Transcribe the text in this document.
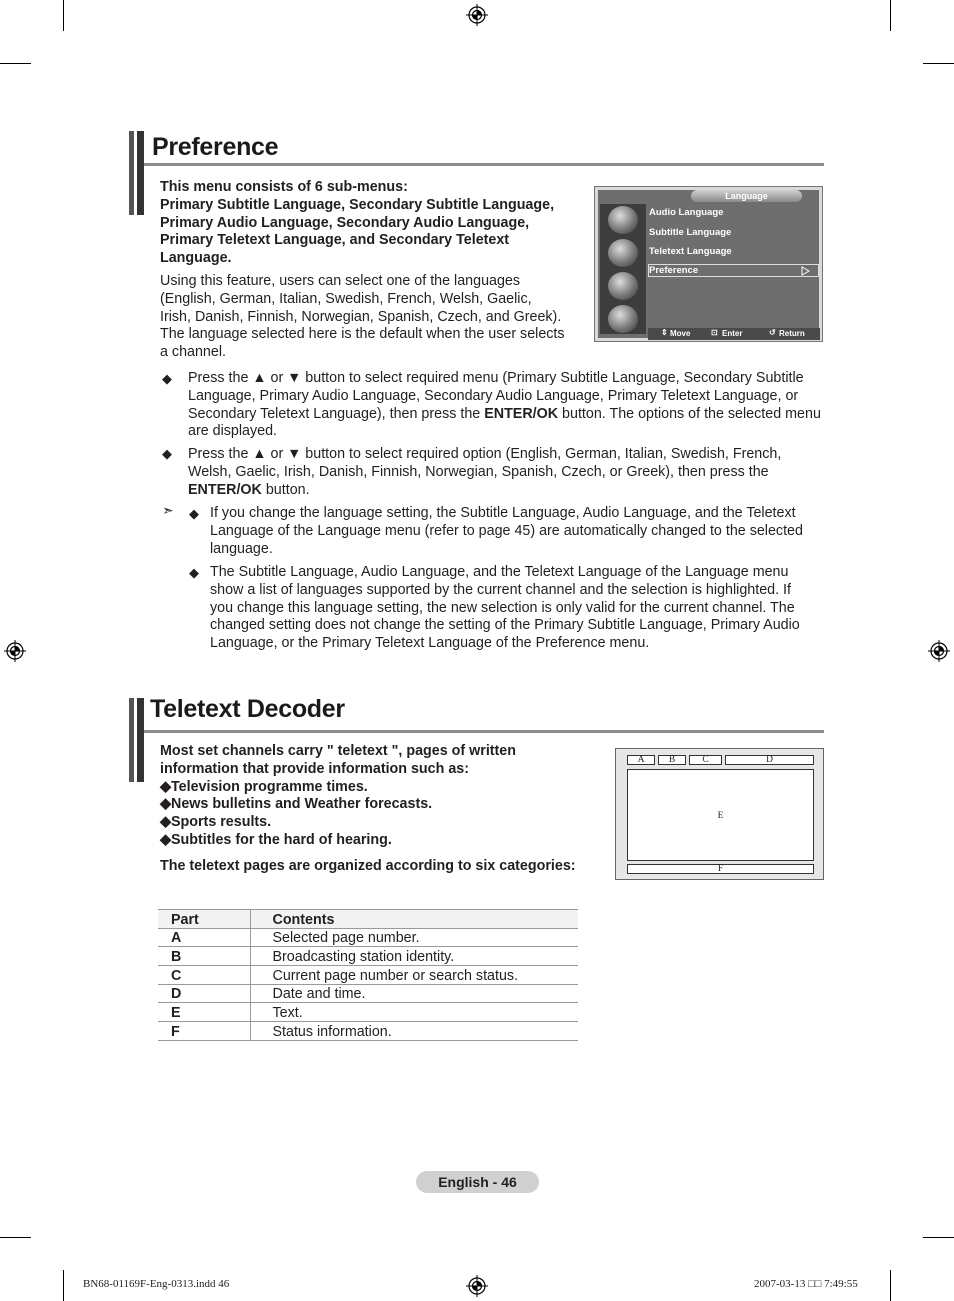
Preference
This menu consists of 6 sub-menus:
Primary Subtitle Language, Secondary Subtitle Language,
Primary Audio Language, Secondary Audio Language,
Primary Teletext Language, and Secondary Teletext
Language.
Using this feature, users can select one of the languages
(English, German, Italian, Swedish, French, Welsh, Gaelic,
Irish, Danish, Finnish, Norwegian, Spanish, Czech, and Greek).
The language selected here is the default when the user selects
a channel.
Language
Audio Language
Subtitle Language
Teletext Language
Preference
⇕ Move	⊡ Enter	↺ Return
◆ Press the ▲ or ▼ button to select required menu (Primary Subtitle Language, Secondary Subtitle
Language, Primary Audio Language, Secondary Audio Language, Primary Teletext Language, or
Secondary Teletext Language), then press the ENTER/OK button. The options of the selected menu
are displayed.
◆ Press the ▲ or ▼ button to select required option (English, German, Italian, Swedish, French,
Welsh, Gaelic, Irish, Danish, Finnish, Norwegian, Spanish, Czech, or Greek), then press the
ENTER/OK button.
➣ ◆ If you change the language setting, the Subtitle Language, Audio Language, and the Teletext
Language of the Language menu (refer to page 45) are automatically changed to the selected
language.
◆ The Subtitle Language, Audio Language, and the Teletext Language of the Language menu
show a list of languages supported by the current channel and the selection is highlighted. If
you change this language setting, the new selection is only valid for the current channel. The
changed setting does not change the setting of the Primary Subtitle Language, Primary Audio
Language, or the Primary Teletext Language of the Preference menu.
Teletext Decoder
Most set channels carry " teletext ", pages of written
information that provide information such as:
◆Television programme times.
◆News bulletins and Weather forecasts.
◆Sports results.
◆Subtitles for the hard of hearing.
The teletext pages are organized according to six categories:
A	B	C	D
E
F
Part	Contents
A	Selected page number.
B	Broadcasting station identity.
C	Current page number or search status.
D	Date and time.
E	Text.
F	Status information.
English - 46
BN68-01169F-Eng-0313.indd 46	2007-03-13 □□ 7:49:55
